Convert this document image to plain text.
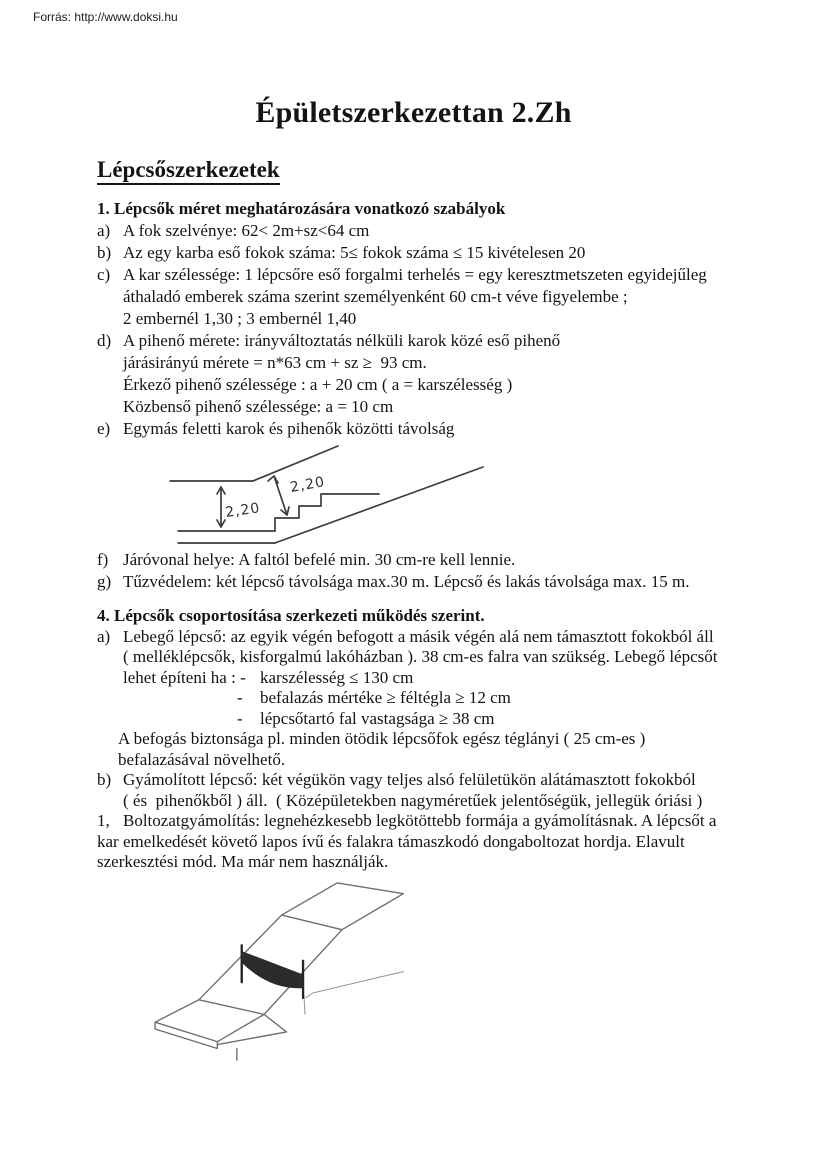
Forrás: http://www.doksi.hu
Épületszerkezettan 2.Zh
Lépcsőszerkezetek
1. Lépcsők méret meghatározására vonatkozó szabályok
a) A fok szelvénye: 62< 2m+sz<64 cm
b) Az egy karba eső fokok száma: 5≤ fokok száma ≤ 15 kivételesen 20
c) A kar szélessége: 1 lépcsőre eső forgalmi terhelés = egy keresztmetszeten egyidejűleg
áthaladó emberek száma szerint személyenként 60 cm-t véve figyelembe ;
2 embernél 1,30 ; 3 embernél 1,40
d) A pihenő mérete: irányváltoztatás nélküli karok közé eső pihenő
járásirányú mérete = n*63 cm + sz ≥  93 cm.
Érkező pihenő szélessége : a + 20 cm ( a = karszélesség )
Közbenső pihenő szélessége: a = 10 cm
e) Egymás feletti karok és pihenők közötti távolság
2,20
2,20
f) Járóvonal helye: A faltól befelé min. 30 cm-re kell lennie.
g) Tűzvédelem: két lépcső távolsága max.30 m. Lépcső és lakás távolsága max. 15 m.
4. Lépcsők csoportosítása szerkezeti működés szerint.
a) Lebegő lépcső: az egyik végén befogott a másik végén alá nem támasztott fokokból áll
( melléklépcsők, kisforgalmú lakóházban ). 38 cm-es falra van szükség. Lebegő lépcsőt
lehet építeni ha : - karszélesség ≤ 130 cm
-	befalazás mértéke ≥ féltégla ≥ 12 cm
-	lépcsőtartó fal vastagsága ≥ 38 cm
A befogás biztonsága pl. minden ötödik lépcsőfok egész téglányi ( 25 cm-es )
befalazásával növelhető.
b) Gyámolított lépcső: két végükön vagy teljes alsó felületükön alátámasztott fokokból
( és  pihenőkből ) áll.  ( Középületekben nagyméretűek jelentőségük, jellegük óriási )
1, Boltozatgyámolítás: legnehézkesebb legkötöttebb formája a gyámolításnak. A lépcsőt a
kar emelkedését követő lapos ívű és falakra támaszkodó dongaboltozat hordja. Elavult
szerkesztési mód. Ma már nem használják.
